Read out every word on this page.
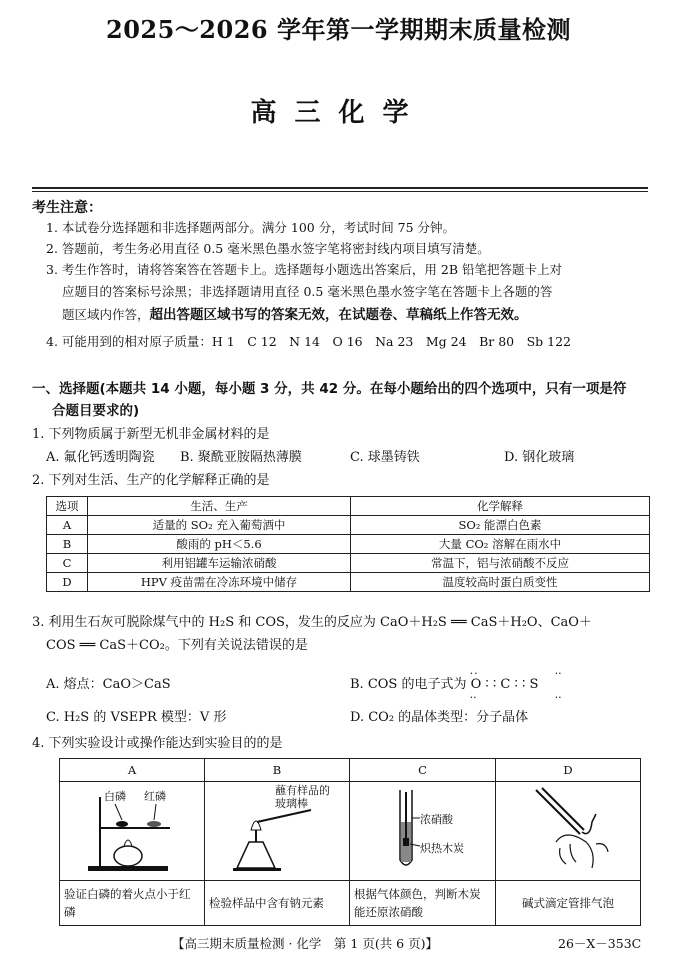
2025～2026 学年第一学期期末质量检测
高三化学
考生注意：
1. 本试卷分选择题和非选择题两部分。满分 100 分，考试时间 75 分钟。
2. 答题前，考生务必用直径 0.5 毫米黑色墨水签字笔将密封线内项目填写清楚。
3. 考生作答时，请将答案答在答题卡上。选择题每小题选出答案后，用 2B 铅笔把答题卡上对
应题目的答案标号涂黑；非选择题请用直径 0.5 毫米黑色墨水签字笔在答题卡上各题的答
题区域内作答，超出答题区域书写的答案无效，在试题卷、草稿纸上作答无效。
4. 可能用到的相对原子质量：H 1　C 12　N 14　O 16　Na 23　Mg 24　Br 80　Sb 122
一、选择题(本题共 14 小题，每小题 3 分，共 42 分。在每小题给出的四个选项中，只有一项是符
合题目要求的)
1. 下列物质属于新型无机非金属材料的是
A. 氟化钙透明陶瓷 B. 聚酰亚胺隔热薄膜	C. 球墨铸铁	D. 钢化玻璃
2. 下列对生活、生产的化学解释正确的是
选项	生活、生产	化学解释
A	适量的 SO₂ 充入葡萄酒中	SO₂ 能漂白色素
B	酸雨的 pH＜5.6	大量 CO₂ 溶解在雨水中
C	利用铝罐车运输浓硝酸	常温下，铝与浓硝酸不反应
D	HPV 疫苗需在冷冻环境中储存	温度较高时蛋白质变性
3. 利用生石灰可脱除煤气中的 H₂S 和 COS，发生的反应为 CaO＋H₂S ══ CaS＋H₂O、CaO＋
COS ══ CaS＋CO₂。下列有关说法错误的是
A. 熔点：CaO＞CaS	B. COS 的电子式为
··	··
O ∶ ∶ C ∶ ∶ S
··	··
C. H₂S 的 VSEPR 模型：V 形	D. CO₂ 的晶体类型：分子晶体
4. 下列实验设计或操作能达到实验目的的是
A	B	C	D

白磷 红磷	蘸有样品的玻璃棒	浓硝酸
炽热木炭

验证白磷的着火点小于红磷	检验样品中含有钠元素	根据气体颜色，判断木炭能还原浓硝酸	碱式滴定管排气泡
【高三期末质量检测 · 化学　第 1 页(共 6 页)】	26－X－353C
